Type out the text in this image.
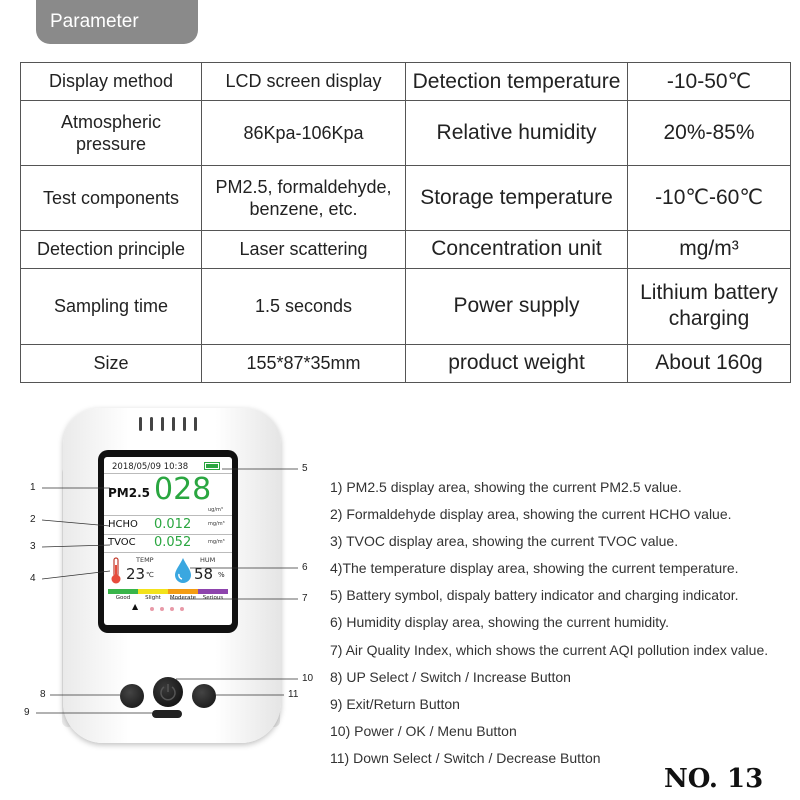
Parameter
Display method	LCD screen display	Detection temperature	-10-50℃
Atmospheric pressure	86Kpa-106Kpa	Relative humidity	20%-85%
Test components	PM2.5, formaldehyde, benzene, etc.	Storage temperature	-10℃-60℃
Detection principle	Laser scattering	Concentration unit	mg/m³
Sampling time	1.5 seconds	Power supply	Lithium battery charging
Size	155*87*35mm	product weight	About 160g
2018/05/09 10:38
PM2.5 028
ug/m³
HCHO 0.012	mg/m³
TVOC 0.052	mg/m³
TEMP
23 ℃
HUM
58 %
Good	Slight	Moderate	Serious
▲
1
2
3
4
5
6
7
8
9
10
11
1) PM2.5 display area, showing the current PM2.5 value.
2) Formaldehyde display area, showing the current HCHO value.
3) TVOC display area, showing the current TVOC value.
4)The temperature display area, showing the current temperature.
5) Battery symbol, dispaly battery indicator and charging indicator.
6) Humidity display area, showing the current humidity.
7) Air Quality Index, which shows the current AQI pollution index value.
8) UP Select / Switch / Increase Button
9) Exit/Return Button
10) Power / OK / Menu Button
11) Down Select / Switch / Decrease Button
NO. 13
